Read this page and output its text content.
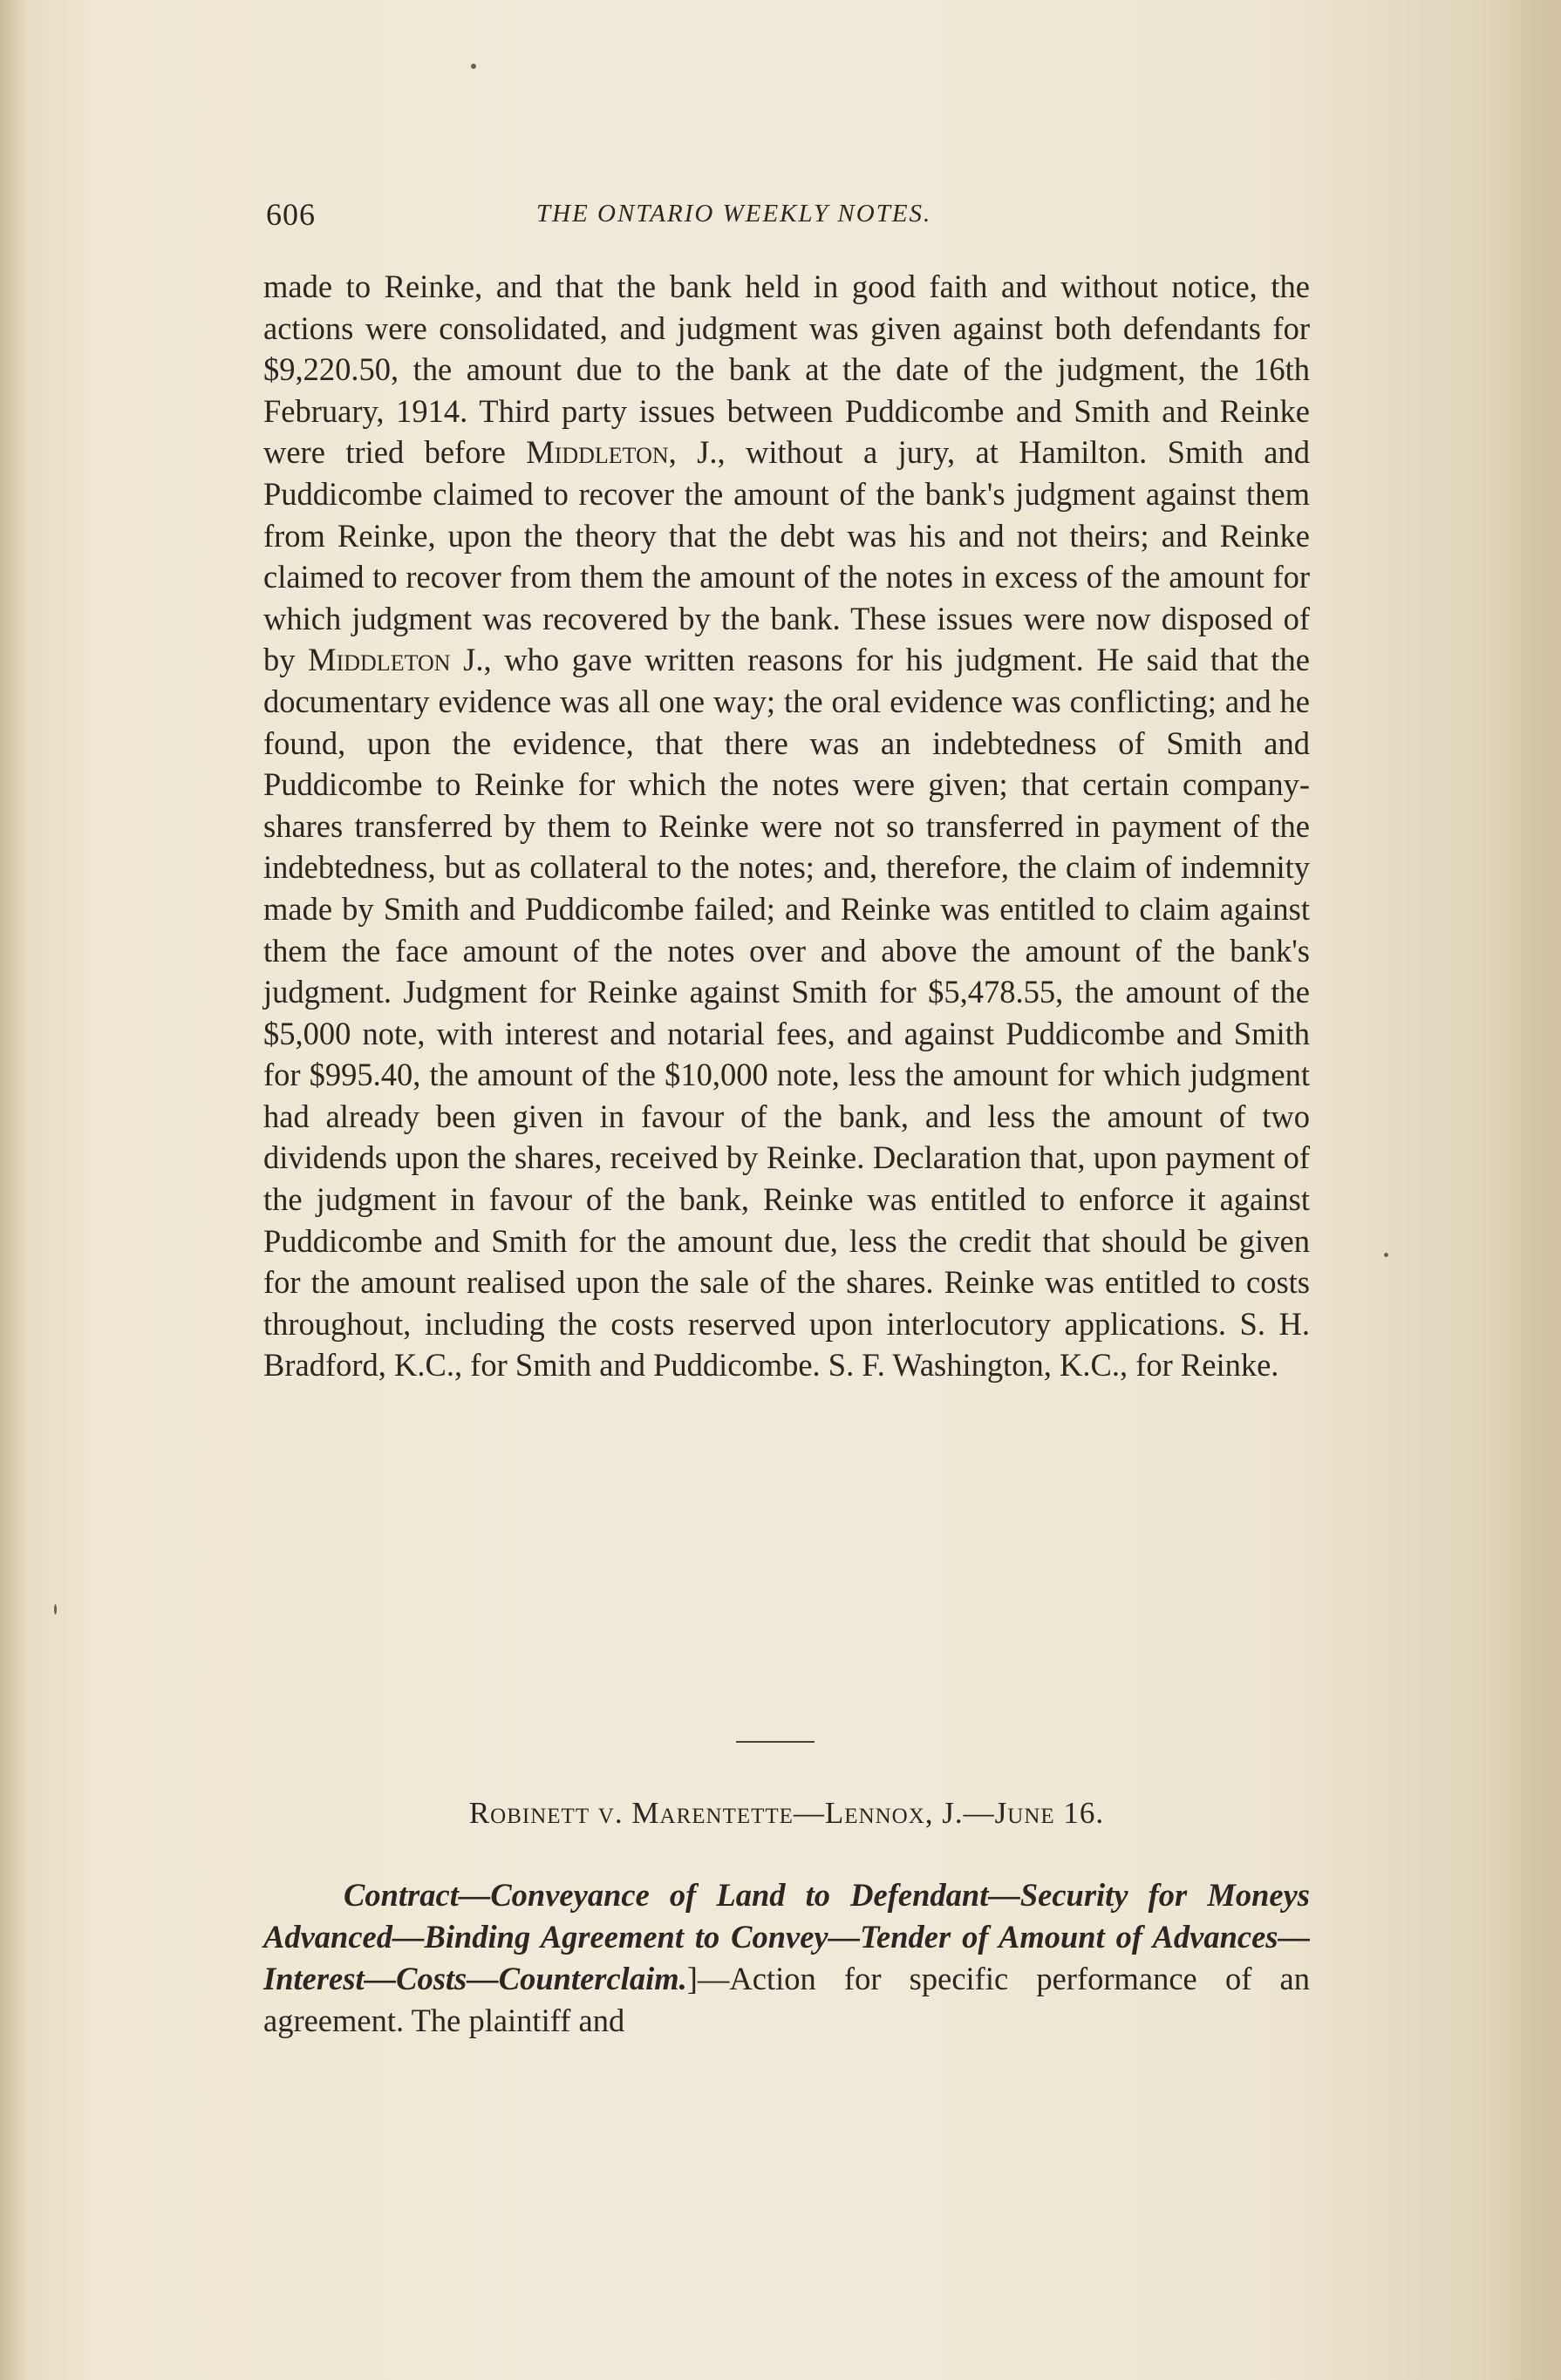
606	THE ONTARIO WEEKLY NOTES.

made to Reinke, and that the bank held in good faith and without notice, the actions were consolidated, and judgment was given against both defendants for $9,220.50, the amount due to the bank at the date of the judgment, the 16th February, 1914. Third party issues between Puddicombe and Smith and Reinke were tried before Middleton, J., without a jury, at Hamilton. Smith and Puddicombe claimed to recover the amount of the bank's judgment against them from Reinke, upon the theory that the debt was his and not theirs; and Reinke claimed to recover from them the amount of the notes in excess of the amount for which judgment was recovered by the bank. These issues were now disposed of by Middleton J., who gave written reasons for his judgment. He said that the documentary evidence was all one way; the oral evidence was conflicting; and he found, upon the evidence, that there was an indebtedness of Smith and Puddicombe to Reinke for which the notes were given; that certain company-shares transferred by them to Reinke were not so transferred in payment of the indebtedness, but as collateral to the notes; and, therefore, the claim of indemnity made by Smith and Puddicombe failed; and Reinke was entitled to claim against them the face amount of the notes over and above the amount of the bank's judgment. Judgment for Reinke against Smith for $5,478.55, the amount of the $5,000 note, with interest and notarial fees, and against Puddicombe and Smith for $995.40, the amount of the $10,000 note, less the amount for which judgment had already been given in favour of the bank, and less the amount of two dividends upon the shares, received by Reinke. Declaration that, upon payment of the judgment in favour of the bank, Reinke was entitled to enforce it against Puddicombe and Smith for the amount due, less the credit that should be given for the amount realised upon the sale of the shares. Reinke was entitled to costs throughout, including the costs reserved upon interlocutory applications. S. H. Bradford, K.C., for Smith and Puddicombe. S. F. Washington, K.C., for Reinke.

Robinett v. Marentette—Lennox, J.—June 16.

Contract—Conveyance of Land to Defendant—Security for Moneys Advanced—Binding Agreement to Convey—Tender of Amount of Advances—Interest—Costs—Counterclaim.]—Action for specific performance of an agreement. The plaintiff and
